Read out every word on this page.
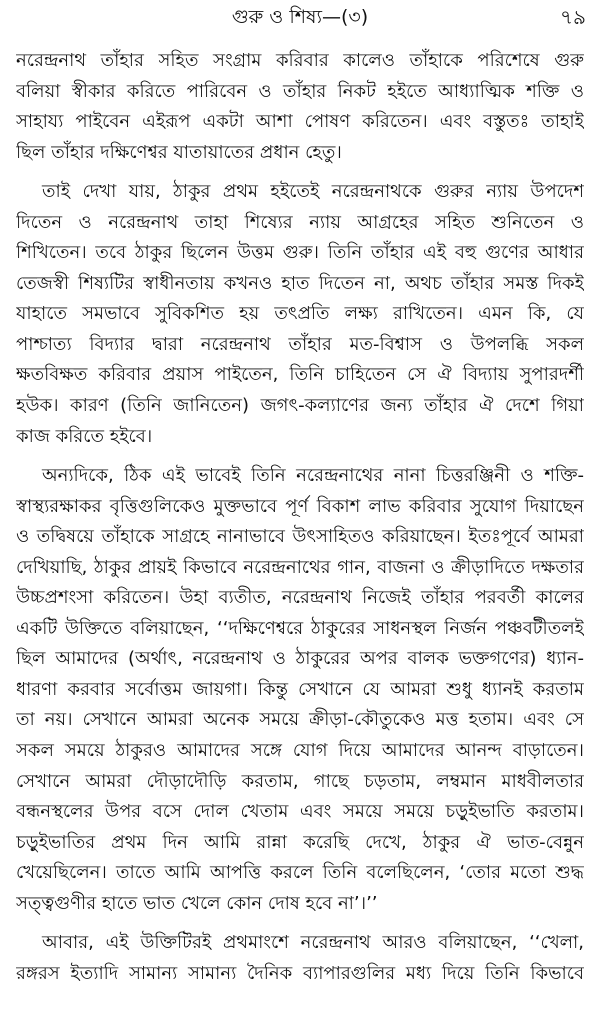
গুরু ও শিষ্য—(৩)	৭৯
নরেন্দ্রনাথ তাঁহার সহিত সংগ্রাম করিবার কালেও তাঁহাকে পরিশেষে গুরু
বলিয়া স্বীকার করিতে পারিবেন ও তাঁহার নিকট হইতে আধ্যাত্মিক শক্তি ও
সাহায্য পাইবেন এইরূপ একটা আশা পোষণ করিতেন। এবং বস্তুতঃ তাহাই
ছিল তাঁহার দক্ষিণেশ্বর যাতায়াতের প্রধান হেতু।
তাই দেখা যায়, ঠাকুর প্রথম হইতেই নরেন্দ্রনাথকে গুরুর ন্যায় উপদেশ
দিতেন ও নরেন্দ্রনাথ তাহা শিষ্যের ন্যায় আগ্রহের সহিত শুনিতেন ও
শিখিতেন। তবে ঠাকুর ছিলেন উত্তম গুরু। তিনি তাঁহার এই বহু গুণের আধার
তেজস্বী শিষ্যটির স্বাধীনতায় কখনও হাত দিতেন না, অথচ তাঁহার সমস্ত দিকই
যাহাতে সমভাবে সুবিকশিত হয় তৎপ্রতি লক্ষ্য রাখিতেন। এমন কি, যে
পাশ্চাত্য বিদ্যার দ্বারা নরেন্দ্রনাথ তাঁহার মত-বিশ্বাস ও উপলব্ধি সকল
ক্ষতবিক্ষত করিবার প্রয়াস পাইতেন, তিনি চাহিতেন সে ঐ বিদ্যায় সুপারদর্শী
হউক। কারণ (তিনি জানিতেন) জগৎ-কল্যাণের জন্য তাঁহার ঐ দেশে গিয়া
কাজ করিতে হইবে।
অন্যদিকে, ঠিক এই ভাবেই তিনি নরেন্দ্রনাথের নানা চিত্তরঞ্জিনী ও শক্তি-
স্বাস্থ্যরক্ষাকর বৃত্তিগুলিকেও মুক্তভাবে পূর্ণ বিকাশ লাভ করিবার সুযোগ দিয়াছেন
ও তদ্বিষয়ে তাঁহাকে সাগ্রহে নানাভাবে উৎসাহিতও করিয়াছেন। ইতঃপূর্বে আমরা
দেখিয়াছি, ঠাকুর প্রায়ই কিভাবে নরেন্দ্রনাথের গান, বাজনা ও ক্রীড়াদিতে দক্ষতার
উচ্চপ্রশংসা করিতেন। উহা ব্যতীত, নরেন্দ্রনাথ নিজেই তাঁহার পরবর্তী কালের
একটি উক্তিতে বলিয়াছেন, ‘‘দক্ষিণেশ্বরে ঠাকুরের সাধনস্থল নির্জন পঞ্চবটীতলই
ছিল আমাদের (অর্থাৎ, নরেন্দ্রনাথ ও ঠাকুরের অপর বালক ভক্তগণের) ধ্যান-
ধারণা করবার সর্বোত্তম জায়গা। কিন্তু সেখানে যে আমরা শুধু ধ্যানই করতাম
তা নয়। সেখানে আমরা অনেক সময়ে ক্রীড়া-কৌতুকেও মত্ত হতাম। এবং সে
সকল সময়ে ঠাকুরও আমাদের সঙ্গে যোগ দিয়ে আমাদের আনন্দ বাড়াতেন।
সেখানে আমরা দৌড়াদৌড়ি করতাম, গাছে চড়তাম, লম্বমান মাধবীলতার
বন্ধনস্থলের উপর বসে দোল খেতাম এবং সময়ে সময়ে চড়ুইভাতি করতাম।
চড়ুইভাতির প্রথম দিন আমি রান্না করেছি দেখে, ঠাকুর ঐ ভাত-বেন্নুন
খেয়েছিলেন। তাতে আমি আপত্তি করলে তিনি বলেছিলেন, ‘তোর মতো শুদ্ধ
সত্ত্বগুণীর হাতে ভাত খেলে কোন দোষ হবে না’।’’
আবার, এই উক্তিটিরই প্রথমাংশে নরেন্দ্রনাথ আরও বলিয়াছেন, ‘‘খেলা,
রঙ্গরস ইত্যাদি সামান্য সামান্য দৈনিক ব্যাপারগুলির মধ্য দিয়ে তিনি কিভাবে
